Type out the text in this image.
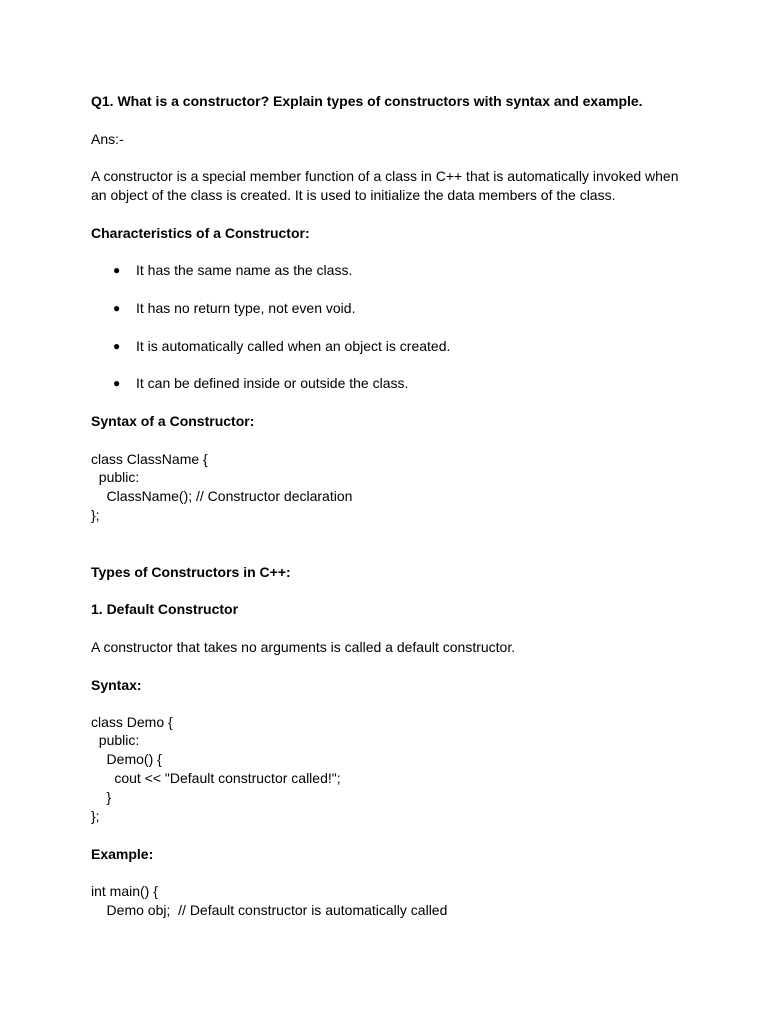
Q1. What is a constructor? Explain types of constructors with syntax and example.
Ans:-
A constructor is a special member function of a class in C++ that is automatically invoked when
an object of the class is created. It is used to initialize the data members of the class.
Characteristics of a Constructor:
● It has the same name as the class.
● It has no return type, not even void.
● It is automatically called when an object is created.
● It can be defined inside or outside the class.
Syntax of a Constructor:
class ClassName {
public:
ClassName(); // Constructor declaration
};
Types of Constructors in C++:
1. Default Constructor
A constructor that takes no arguments is called a default constructor.
Syntax:
class Demo {
public:
Demo() {
cout << "Default constructor called!";
}
};
Example:
int main() {
Demo obj;  // Default constructor is automatically called
